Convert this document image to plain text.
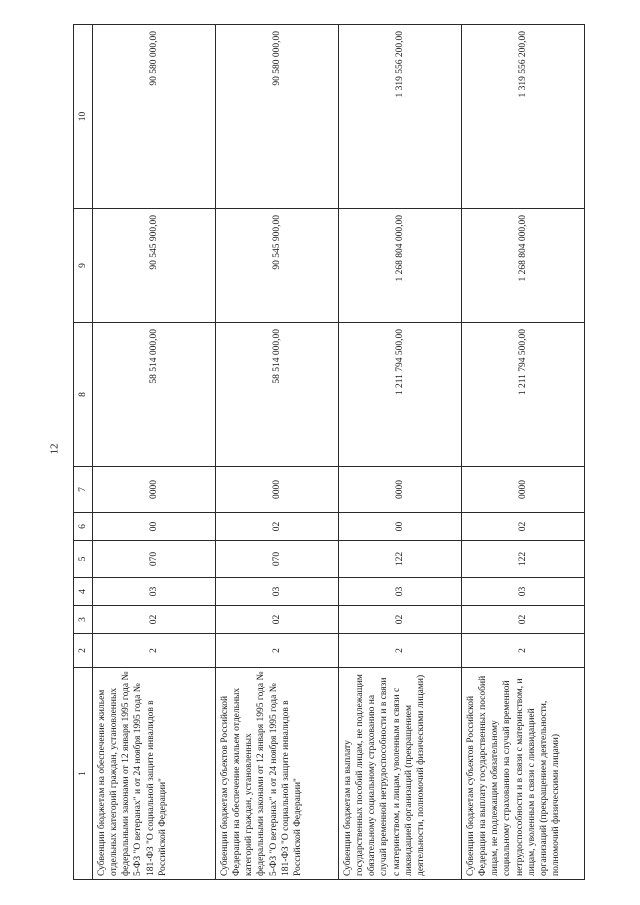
12
1	2	3	4	5	6	7	8	9	10
Субвенции бюджетам на обеспечение жильем отдельных категорий граждан, установленных федеральными законами от 12 января 1995 года № 5-ФЗ "О ветеранах" и от 24 ноября 1995 года № 181-ФЗ "О социальной защите инвалидов в Российской Федерации"	2	02	03	070	00	0000	58 514 000,00	90 545 900,00	90 580 000,00
Субвенции бюджетам субъектов Российской Федерации на обеспечение жильем отдельных категорий граждан, установленных федеральными законами от 12 января 1995 года № 5-ФЗ "О ветеранах" и от 24 ноября 1995 года № 181-ФЗ "О социальной защите инвалидов в Российской Федерации"	2	02	03	070	02	0000	58 514 000,00	90 545 900,00	90 580 000,00
Субвенции бюджетам на выплату государственных пособий лицам, не подлежащим обязательному социальному страхованию на случай временной нетрудоспособности и в связи с материнством, и лицам, уволенным в связи с ликвидацией организаций (прекращением деятельности, полномочий физическими лицами)	2	02	03	122	00	0000	1 211 794 500,00	1 268 804 000,00	1 319 556 200,00
Субвенции бюджетам субъектов Российской Федерации на выплату государственных пособий лицам, не подлежащим обязательному социальному страхованию на случай временной нетрудоспособности и в связи с материнством, и лицам, уволенным в связи с ликвидацией организаций (прекращением деятельности, полномочий физическими лицами)	2	02	03	122	02	0000	1 211 794 500,00	1 268 804 000,00	1 319 556 200,00
